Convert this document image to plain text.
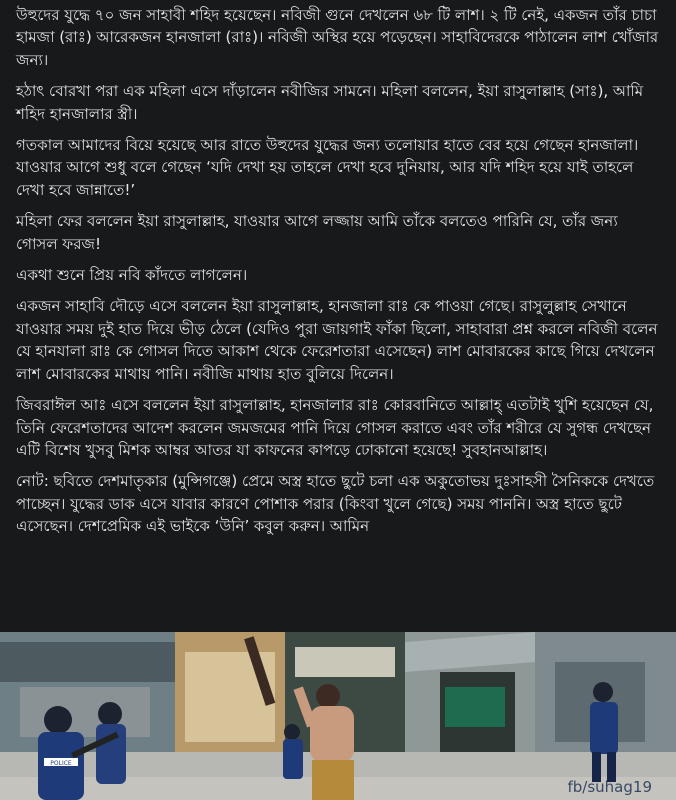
উহুদের যুদ্ধে ৭০ জন সাহাবী শহিদ হয়েছেন। নবিজী গুনে দেখলেন ৬৮ টি লাশ। ২ টি নেই, একজন তাঁর চাচা হামজা (রাঃ) আরেকজন হানজালা (রাঃ)। নবিজী অস্থির হয়ে পড়েছেন। সাহাবিদেরকে পাঠালেন লাশ খোঁজার জন্য।

হঠাৎ বোরখা পরা এক মহিলা এসে দাঁড়ালেন নবীজির সামনে। মহিলা বললেন, ইয়া রাসুলাল্লাহ (সাঃ), আমি শহিদ হানজালার স্ত্রী।

গতকাল আমাদের বিয়ে হয়েছে আর রাতে উহুদের যুদ্ধের জন্য তলোয়ার হাতে বের হয়ে গেছেন হানজালা। যাওয়ার আগে শুধু বলে গেছেন ‘যদি দেখা হয় তাহলে দেখা হবে দুনিয়ায়, আর যদি শহিদ হয়ে যাই তাহলে দেখা হবে জান্নাতে!’

মহিলা ফের বললেন ইয়া রাসুলাল্লাহ, যাওয়ার আগে লজ্জায় আমি তাঁকে বলতেও পারিনি যে, তাঁর জন্য গোসল ফরজ!

একথা শুনে প্রিয় নবি কাঁদতে লাগলেন।

একজন সাহাবি দৌড়ে এসে বললেন ইয়া রাসুলাল্লাহ, হানজালা রাঃ কে পাওয়া গেছে। রাসুলুল্লাহ সেখানে যাওয়ার সময় দুই হাত দিয়ে ভীড় ঠেলে (যেদিও পুরা জায়গাই ফাঁকা ছিলো, সাহাবারা প্রশ্ন করলে নবিজী বলেন যে হানযালা রাঃ কে গোসল দিতে আকাশ থেকে ফেরেশতারা এসেছেন) লাশ মোবারকের কাছে গিয়ে দেখলেন লাশ মোবারকের মাথায় পানি। নবীজি মাথায় হাত বুলিয়ে দিলেন।

জিবরাঈল আঃ এসে বললেন ইয়া রাসুলাল্লাহ, হানজালার রাঃ কোরবানিতে আল্লাহ্‌ এতটাই খুশি হয়েছেন যে, তিনি ফেরেশতাদের আদেশ করলেন জমজমের পানি দিয়ে গোসল করাতে এবং তাঁর শরীরে যে সুগন্ধ দেখছেন এটি বিশেষ খুসবু মিশক আম্বর আতর যা কাফনের কাপড়ে ঢোকানো হয়েছে! সুবহানআল্লাহ।

নোট: ছবিতে দেশমাতৃকার (মুন্সিগঞ্জে) প্রেমে অস্ত্র হাতে ছুটে চলা এক অকুতোভয় দুঃসাহসী সৈনিককে দেখতে পাচ্ছেন। যুদ্ধের ডাক এসে যাবার কারণে পোশাক পরার (কিংবা খুলে গেছে) সময় পাননি। অস্ত্র হাতে ছুটে এসেছেন। দেশপ্রেমিক এই ভাইকে ‘উনি’ কবুল করুন। আমিন

POLICE
fb/suhag19
